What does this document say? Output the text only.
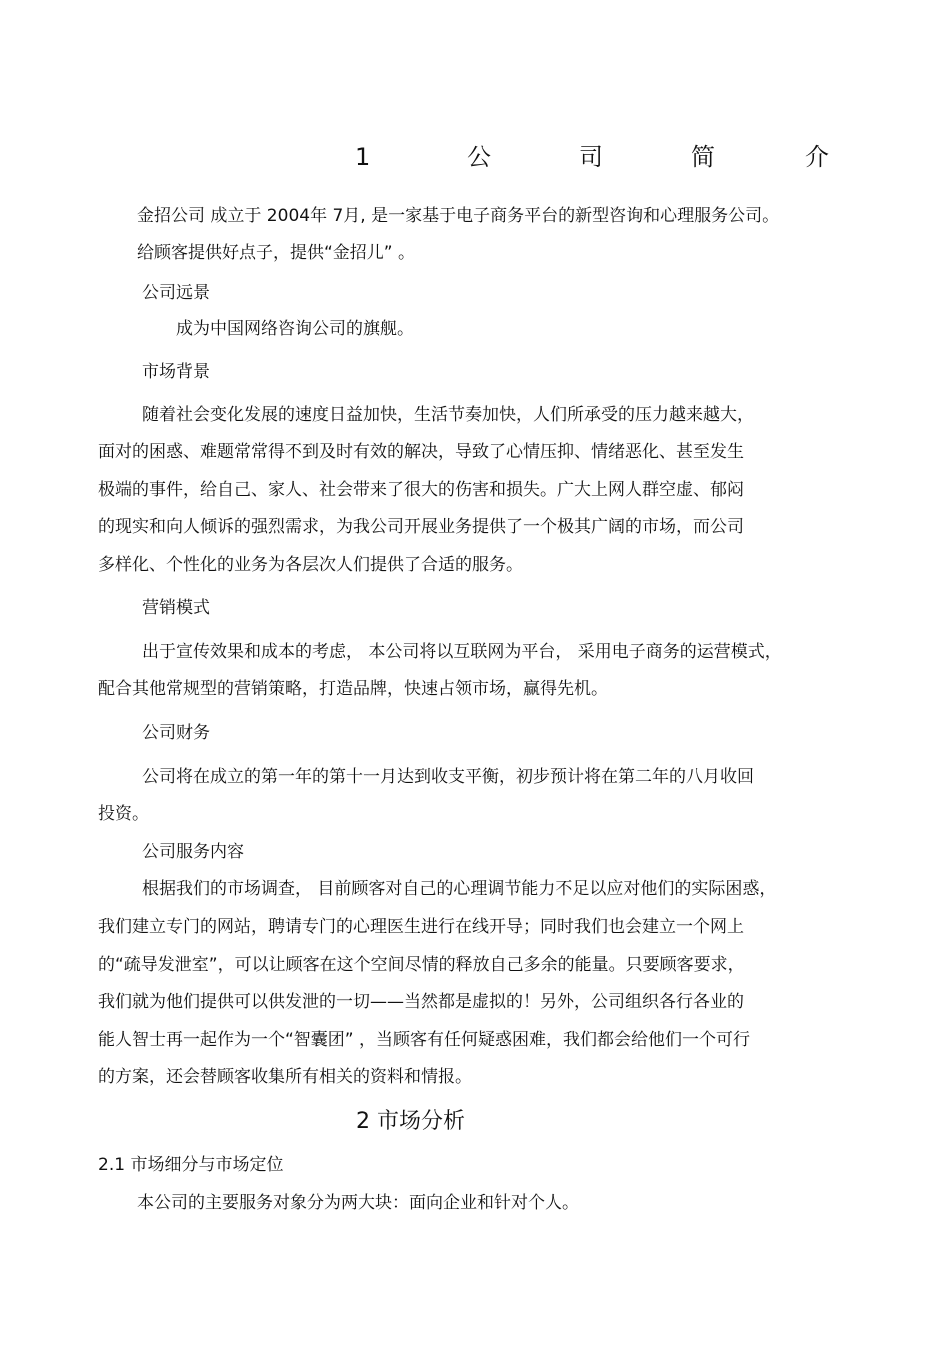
1	公	司	简	介
金招公司 成立于 2004年 7月, 是一家基于电子商务平台的新型咨询和心理服务公司。
给顾客提供好点子，提供“金招儿” 。
公司远景
成为中国网络咨询公司的旗舰。
市场背景
随着社会变化发展的速度日益加快，生活节奏加快，人们所承受的压力越来越大，
面对的困惑、难题常常得不到及时有效的解决，导致了心情压抑、情绪恶化、甚至发生
极端的事件，给自己、家人、社会带来了很大的伤害和损失。广大上网人群空虚、郁闷
的现实和向人倾诉的强烈需求，为我公司开展业务提供了一个极其广阔的市场，而公司
多样化、个性化的业务为各层次人们提供了合适的服务。
营销模式
出于宣传效果和成本的考虑， 本公司将以互联网为平台， 采用电子商务的运营模式，
配合其他常规型的营销策略，打造品牌，快速占领市场，赢得先机。
公司财务
公司将在成立的第一年的第十一月达到收支平衡，初步预计将在第二年的八月收回
投资。
公司服务内容
根据我们的市场调查， 目前顾客对自己的心理调节能力不足以应对他们的实际困惑，
我们建立专门的网站，聘请专门的心理医生进行在线开导；同时我们也会建立一个网上
的“疏导发泄室”，可以让顾客在这个空间尽情的释放自己多余的能量。只要顾客要求，
我们就为他们提供可以供发泄的一切——当然都是虚拟的！另外，公司组织各行各业的
能人智士再一起作为一个“智囊团” ，当顾客有任何疑惑困难，我们都会给他们一个可行
的方案，还会替顾客收集所有相关的资料和情报。
2 市场分析
2.1 市场细分与市场定位
本公司的主要服务对象分为两大块：面向企业和针对个人。
